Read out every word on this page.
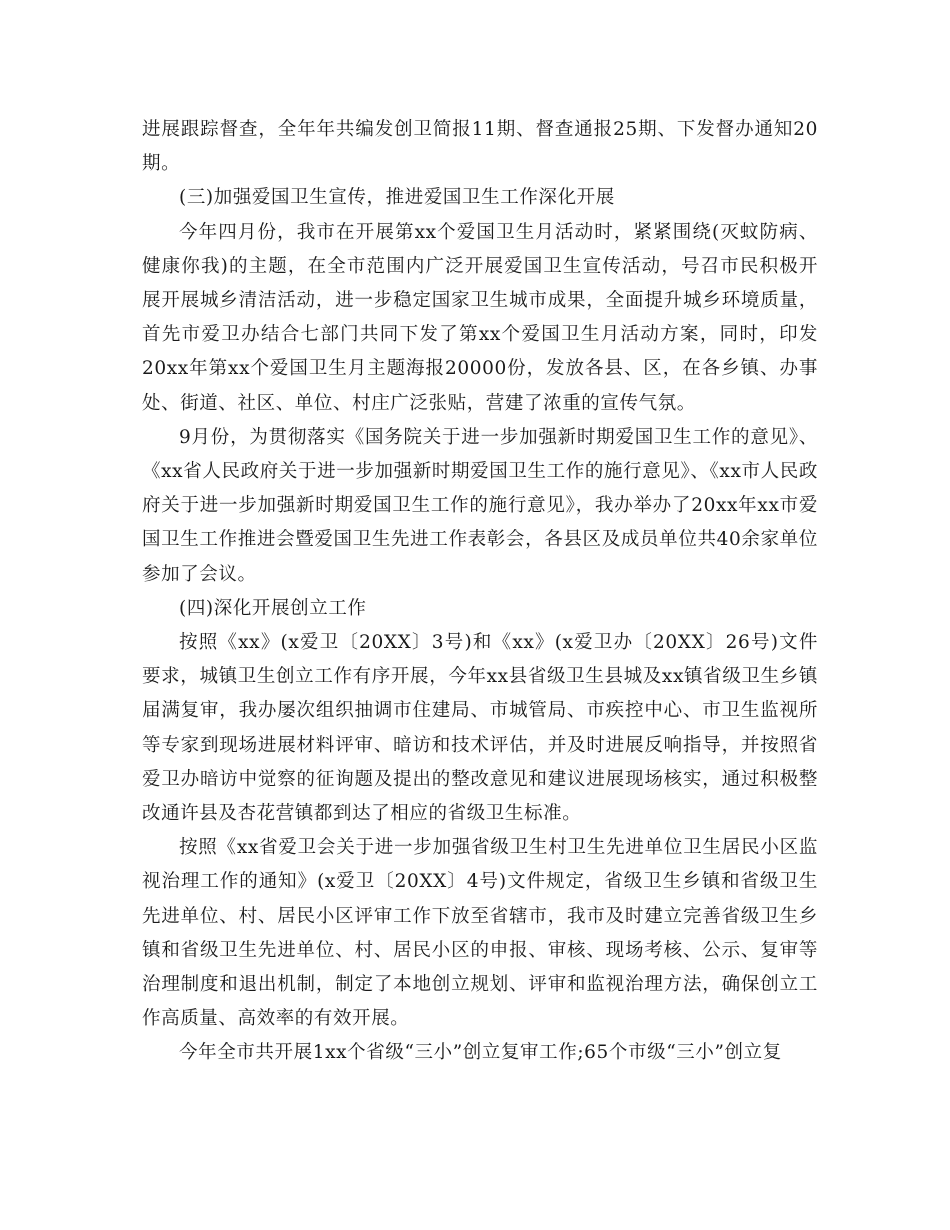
进展跟踪督查，全年年共编发创卫简报11期、督查通报25期、下发督办通知20期。

(三)加强爱国卫生宣传，推进爱国卫生工作深化开展

今年四月份，我市在开展第xx个爱国卫生月活动时，紧紧围绕(灭蚊防病、健康你我)的主题，在全市范围内广泛开展爱国卫生宣传活动，号召市民积极开展开展城乡清洁活动，进一步稳定国家卫生城市成果，全面提升城乡环境质量，首先市爱卫办结合七部门共同下发了第xx个爱国卫生月活动方案，同时，印发20xx年第xx个爱国卫生月主题海报20000份，发放各县、区，在各乡镇、办事处、街道、社区、单位、村庄广泛张贴，营建了浓重的宣传气氛。

9月份，为贯彻落实《国务院关于进一步加强新时期爱国卫生工作的意见》、《xx省人民政府关于进一步加强新时期爱国卫生工作的施行意见》、《xx市人民政府关于进一步加强新时期爱国卫生工作的施行意见》，我办举办了20xx年xx市爱国卫生工作推进会暨爱国卫生先进工作表彰会，各县区及成员单位共40余家单位参加了会议。

(四)深化开展创立工作

按照《xx》(x爱卫〔20XX〕3号)和《xx》(x爱卫办〔20XX〕26号)文件要求，城镇卫生创立工作有序开展，今年xx县省级卫生县城及xx镇省级卫生乡镇届满复审，我办屡次组织抽调市住建局、市城管局、市疾控中心、市卫生监视所等专家到现场进展材料评审、暗访和技术评估，并及时进展反响指导，并按照省爱卫办暗访中觉察的征询题及提出的整改意见和建议进展现场核实，通过积极整改通许县及杏花营镇都到达了相应的省级卫生标准。

按照《xx省爱卫会关于进一步加强省级卫生村卫生先进单位卫生居民小区监视治理工作的通知》(x爱卫〔20XX〕4号)文件规定，省级卫生乡镇和省级卫生先进单位、村、居民小区评审工作下放至省辖市，我市及时建立完善省级卫生乡镇和省级卫生先进单位、村、居民小区的申报、审核、现场考核、公示、复审等治理制度和退出机制，制定了本地创立规划、评审和监视治理方法，确保创立工作高质量、高效率的有效开展。

今年全市共开展1xx个省级“三小”创立复审工作;65个市级“三小”创立复
